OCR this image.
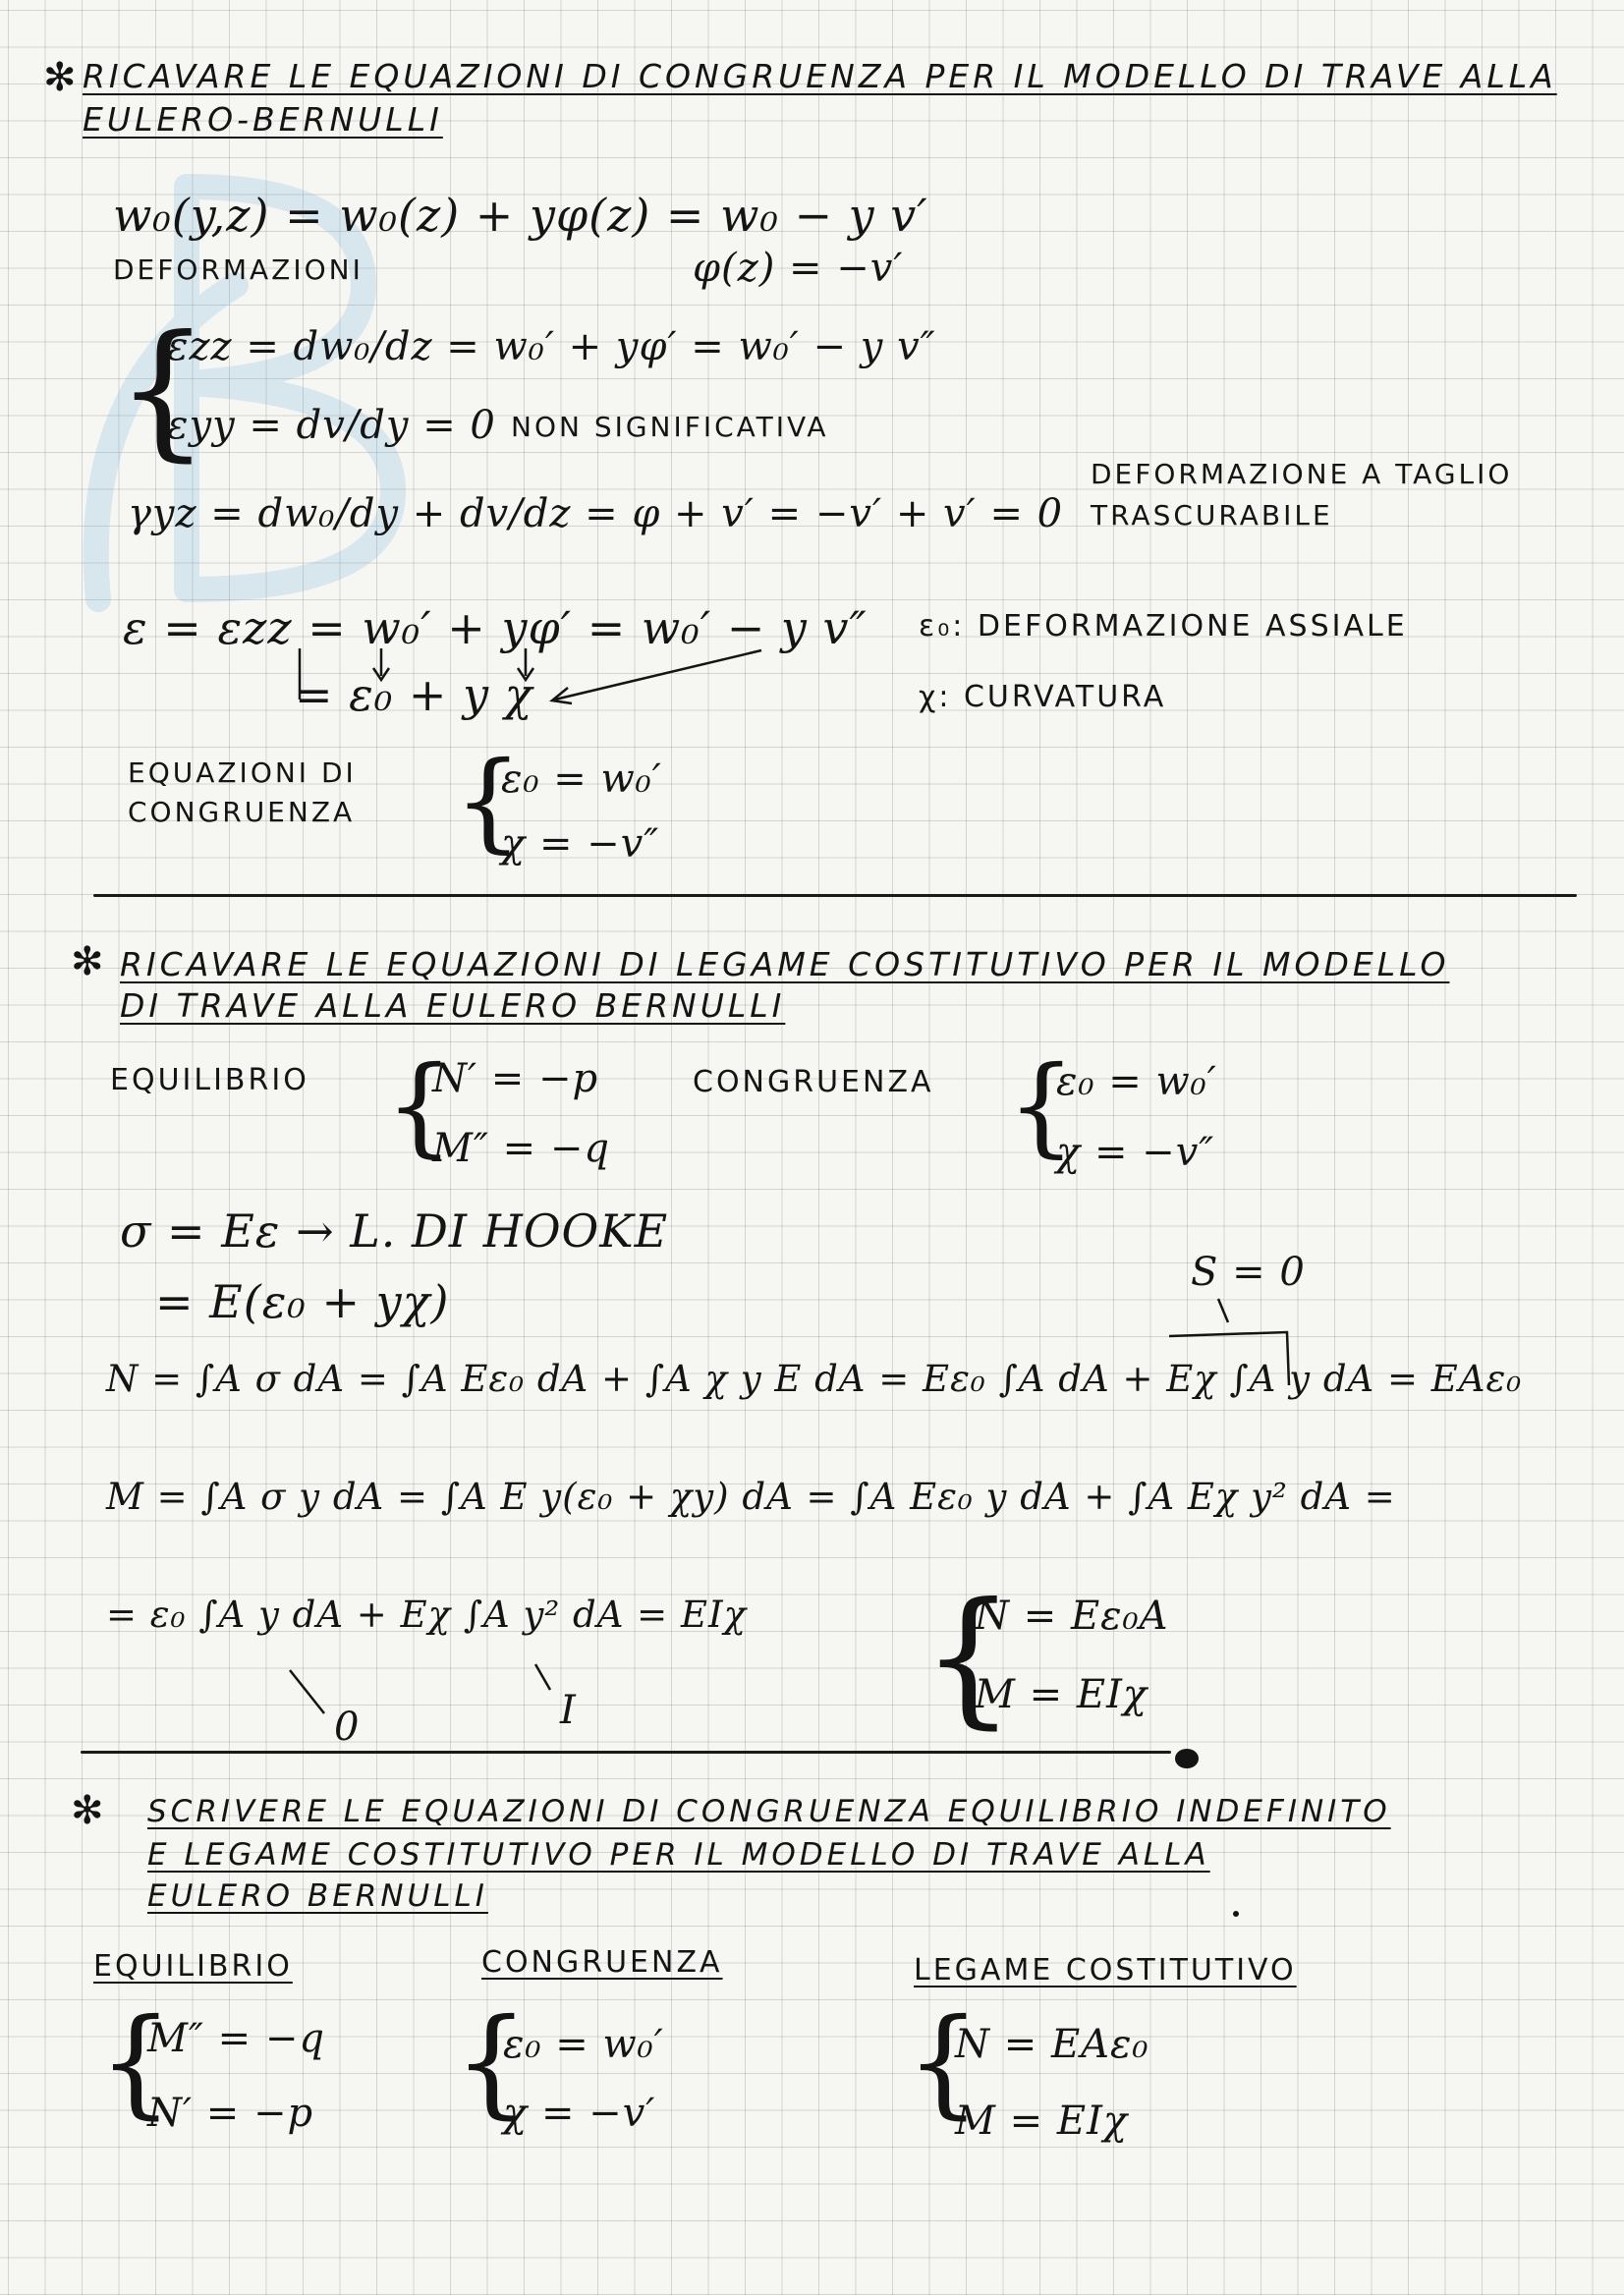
✻ RICAVARE LE EQUAZIONI DI CONGRUENZA PER IL MODELLO DI TRAVE ALLA
EULERO-BERNULLI
w₀(y,z) = w₀(z) + yφ(z) = w₀ − y v′
DEFORMAZIONI	φ(z) = −v′
{
εzz = dw₀/dz = w₀′ + yφ′ = w₀′ − y v″
εyy = dv/dy = 0 NON SIGNIFICATIVA
γyz = dw₀/dy + dv/dz = φ + v′ = −v′ + v′ = 0
DEFORMAZIONE A TAGLIO
TRASCURABILE
ε = εzz = w₀′ + yφ′ = w₀′ − y v″
= ε₀ + y χ
ε₀: DEFORMAZIONE ASSIALE
χ: CURVATURA
EQUAZIONI DI
CONGRUENZA {
ε₀ = w₀′
χ = −v″
✻ RICAVARE LE EQUAZIONI DI LEGAME COSTITUTIVO PER IL MODELLO
DI TRAVE ALLA EULERO BERNULLI
EQUILIBRIO {
N′ = −p
M″ = −q
CONGRUENZA {
ε₀ = w₀′
χ = −v″
σ = Eε → L. DI HOOKE
= E(ε₀ + yχ)
S = 0
N = ∫A σ dA = ∫A Eε₀ dA + ∫A χ y E dA = Eε₀ ∫A dA + Eχ ∫A y dA = EAε₀
M = ∫A σ y dA = ∫A E y(ε₀ + χy) dA = ∫A Eε₀ y dA + ∫A Eχ y² dA =
= ε₀ ∫A y dA + Eχ ∫A y² dA = EIχ
0	I {
N = Eε₀A
M = EIχ
✻ SCRIVERE LE EQUAZIONI DI CONGRUENZA EQUILIBRIO INDEFINITO
E LEGAME COSTITUTIVO PER IL MODELLO DI TRAVE ALLA
EULERO BERNULLI
EQUILIBRIO	CONGRUENZA	LEGAME COSTITUTIVO
{
M″ = −q
N′ = −p {
ε₀ = w₀′
χ = −v′ {
N = EAε₀
M = EIχ
